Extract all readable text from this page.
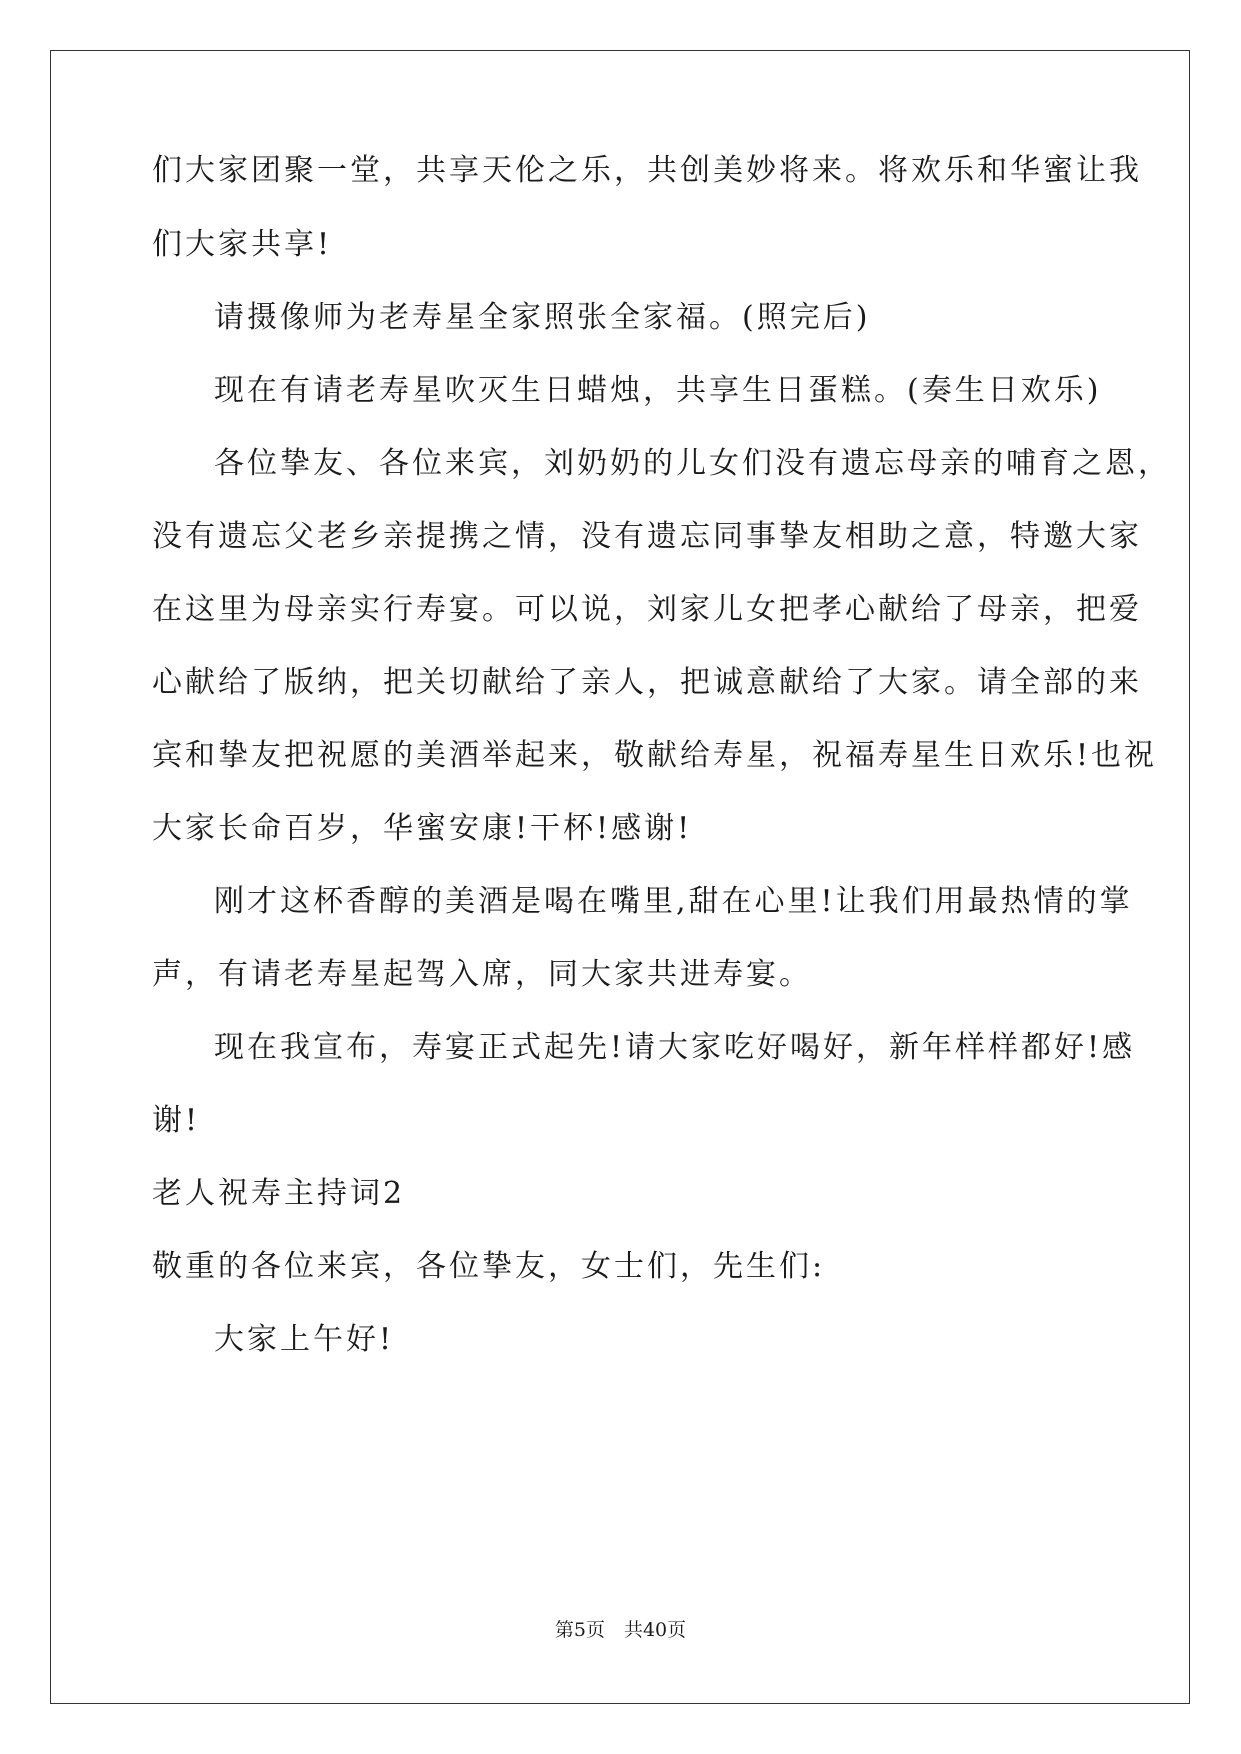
们大家团聚一堂，共享天伦之乐，共创美妙将来。将欢乐和华蜜让我
们大家共享!
请摄像师为老寿星全家照张全家福。(照完后)
现在有请老寿星吹灭生日蜡烛，共享生日蛋糕。(奏生日欢乐)
各位挚友、各位来宾，刘奶奶的儿女们没有遗忘母亲的哺育之恩，
没有遗忘父老乡亲提携之情，没有遗忘同事挚友相助之意，特邀大家
在这里为母亲实行寿宴。可以说，刘家儿女把孝心献给了母亲，把爱
心献给了版纳，把关切献给了亲人，把诚意献给了大家。请全部的来
宾和挚友把祝愿的美酒举起来，敬献给寿星，祝福寿星生日欢乐!也祝
大家长命百岁，华蜜安康!干杯!感谢!
刚才这杯香醇的美酒是喝在嘴里,甜在心里!让我们用最热情的掌
声，有请老寿星起驾入席，同大家共进寿宴。
现在我宣布，寿宴正式起先!请大家吃好喝好，新年样样都好!感
谢!
老人祝寿主持词2
敬重的各位来宾，各位挚友，女士们，先生们:
大家上午好!
第5页　共40页
